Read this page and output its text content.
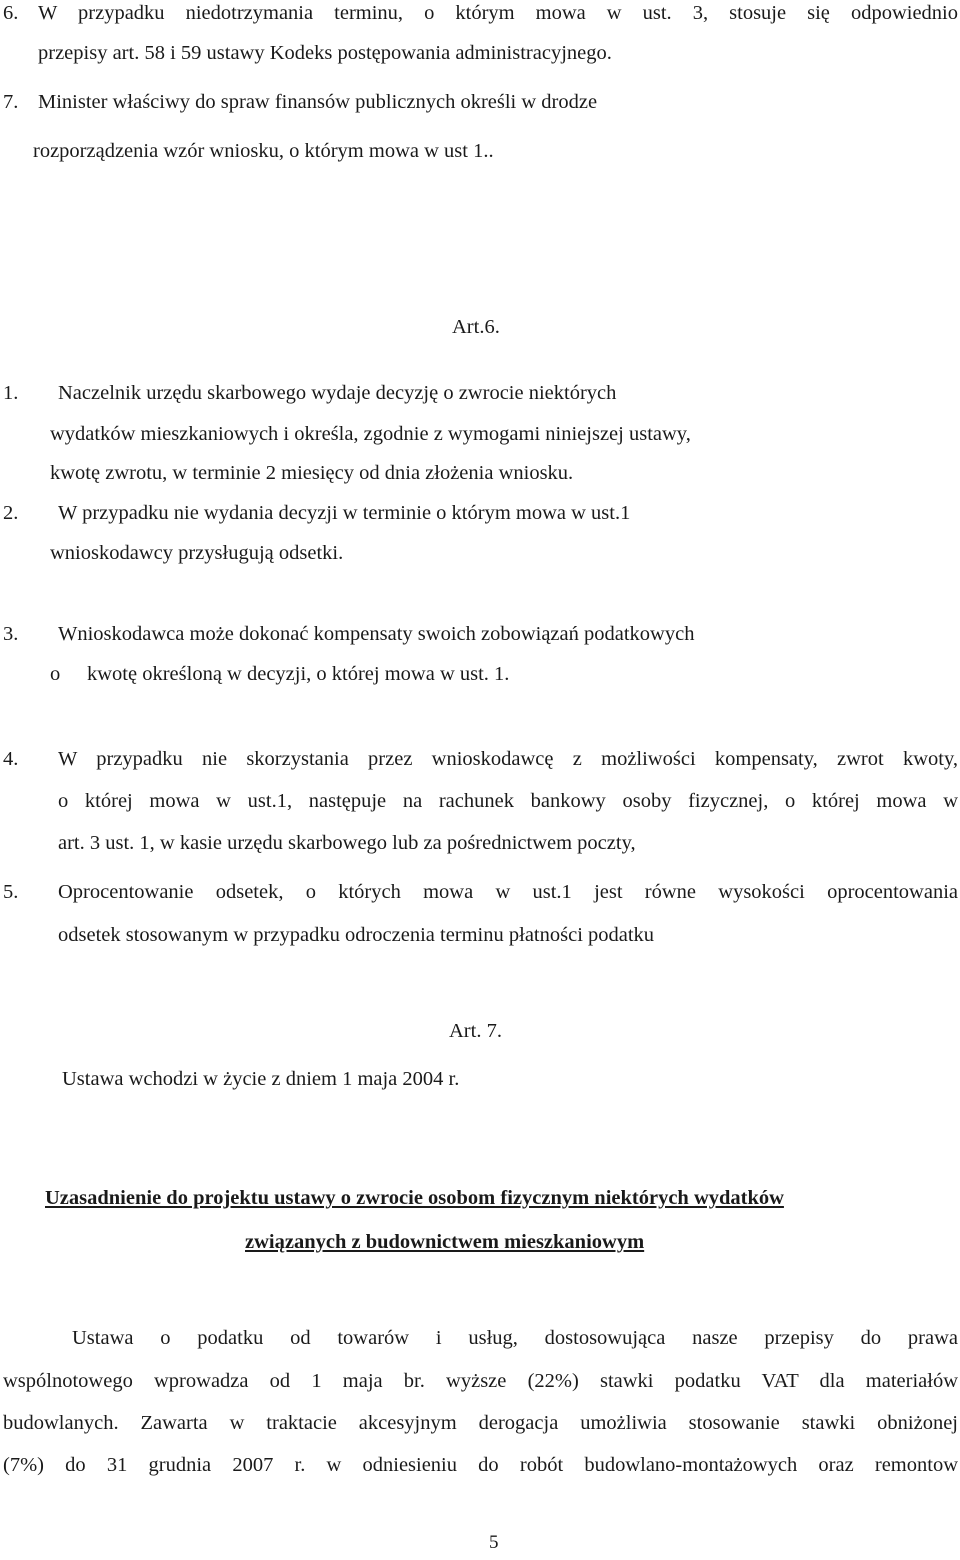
6. W przypadku niedotrzymania terminu, o którym mowa w ust. 3, stosuje się odpowiednio
przepisy art. 58 i 59 ustawy Kodeks postępowania administracyjnego.
7. Minister właściwy do spraw finansów publicznych określi w drodze
rozporządzenia wzór wniosku, o którym mowa w ust 1..
Art.6.
1. Naczelnik urzędu skarbowego wydaje decyzję o zwrocie niektórych
wydatków mieszkaniowych i określa, zgodnie z wymogami niniejszej ustawy,
kwotę zwrotu, w terminie 2 miesięcy od dnia złożenia wniosku.
2. W przypadku nie wydania decyzji w terminie o którym mowa w ust.1
wnioskodawcy przysługują odsetki.
3. Wnioskodawca może dokonać kompensaty swoich zobowiązań podatkowych
o kwotę określoną w decyzji, o której mowa w ust. 1.
4. W przypadku nie skorzystania przez wnioskodawcę z możliwości kompensaty, zwrot kwoty,
o której mowa w ust.1, następuje na rachunek bankowy osoby fizycznej, o której mowa w
art. 3 ust. 1, w kasie urzędu skarbowego lub za pośrednictwem poczty,
5. Oprocentowanie odsetek, o których mowa w ust.1 jest równe wysokości oprocentowania
odsetek stosowanym w przypadku odroczenia terminu płatności podatku
Art. 7.
Ustawa wchodzi w życie z dniem 1 maja 2004 r.
Uzasadnienie do projektu ustawy o zwrocie osobom fizycznym niektórych wydatków
związanych z budownictwem mieszkaniowym
Ustawa o podatku od towarów i usług, dostosowująca nasze przepisy do prawa
wspólnotowego wprowadza od 1 maja br. wyższe (22%) stawki podatku VAT dla materiałów
budowlanych. Zawarta w traktacie akcesyjnym derogacja umożliwia stosowanie stawki obniżonej
(7%) do 31 grudnia 2007 r. w odniesieniu do robót budowlano-montażowych oraz remontow
5
